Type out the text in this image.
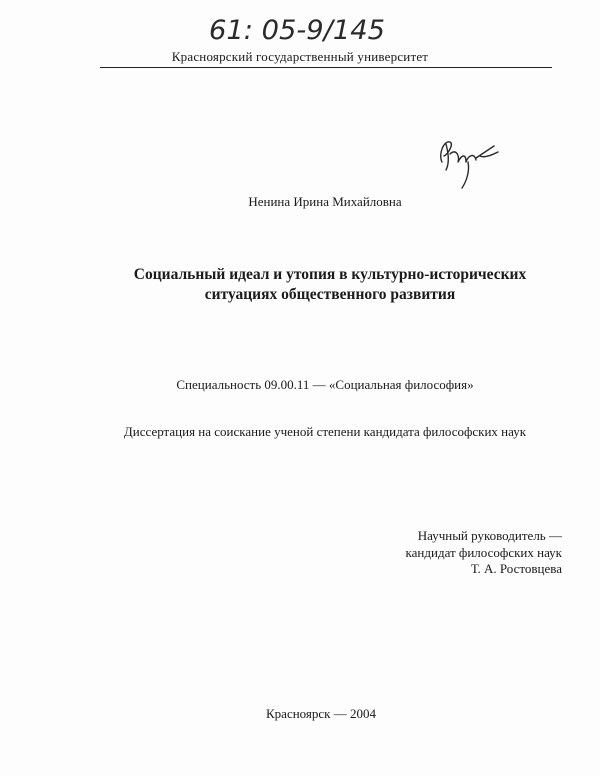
61: 05-9/145
Красноярский государственный университет
Ненина Ирина Михайловна
Социальный идеал и утопия в культурно-исторических
ситуациях общественного развития
Специальность 09.00.11 — «Социальная философия»
Диссертация на соискание ученой степени кандидата философских наук
Научный руководитель —
кандидат философских наук
Т. А. Ростовцева
Красноярск — 2004
